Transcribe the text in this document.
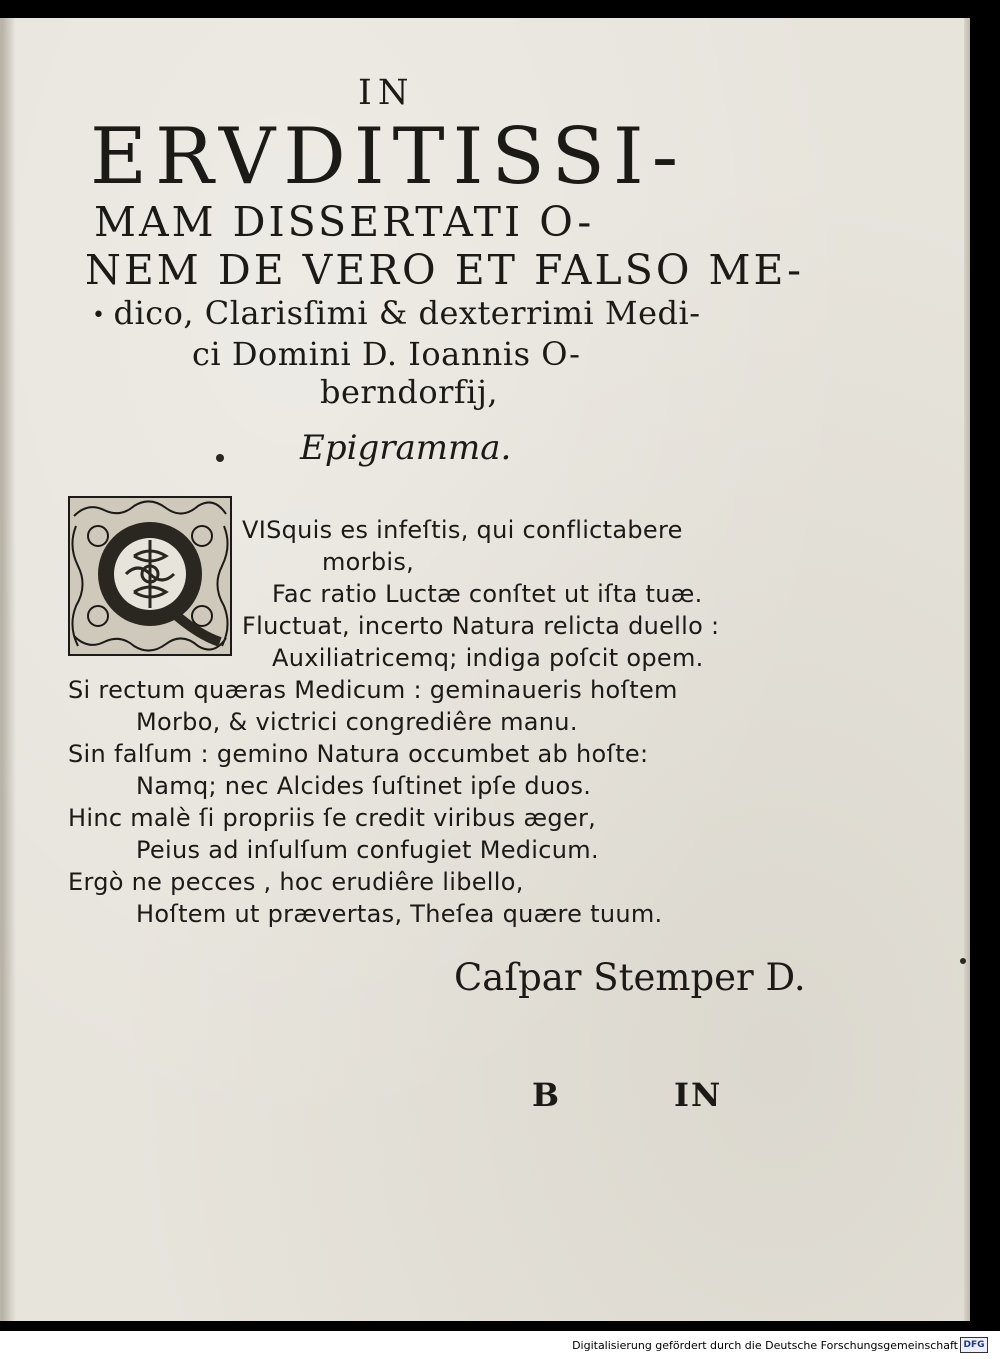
IN
ERVDITISSI-
MAM DISSERTATI O-
NEM DE VERO ET FALSO ME-
• dico, Clarisſimi & dexterrimi Medi-
ci Domini D. Ioannis O-
berndorfij,
Epigramma.
VISquis es infeſtis, qui conflictabere
morbis,
Fac ratio Luctæ conſtet ut iſta tuæ.
Fluctuat, incerto Natura relicta duello :
Auxiliatricemq; indiga poſcit opem.
Si rectum quæras Medicum : geminaueris hoſtem
Morbo, & victrici congrediêre manu.
Sin falſum : gemino Natura occumbet ab hoſte:
Namq; nec Alcides ſuſtinet ipſe duos.
Hinc malè ſi propriis ſe credit viribus æger,
Peius ad inſulſum confugiet Medicum.
Ergò ne pecces , hoc erudiêre libello,
Hoſtem ut prævertas, Theſea quære tuum.
Caſpar Stemper D.
B	IN
Digitalisierung gefördert durch die Deutsche Forschungsgemeinschaft DFG
